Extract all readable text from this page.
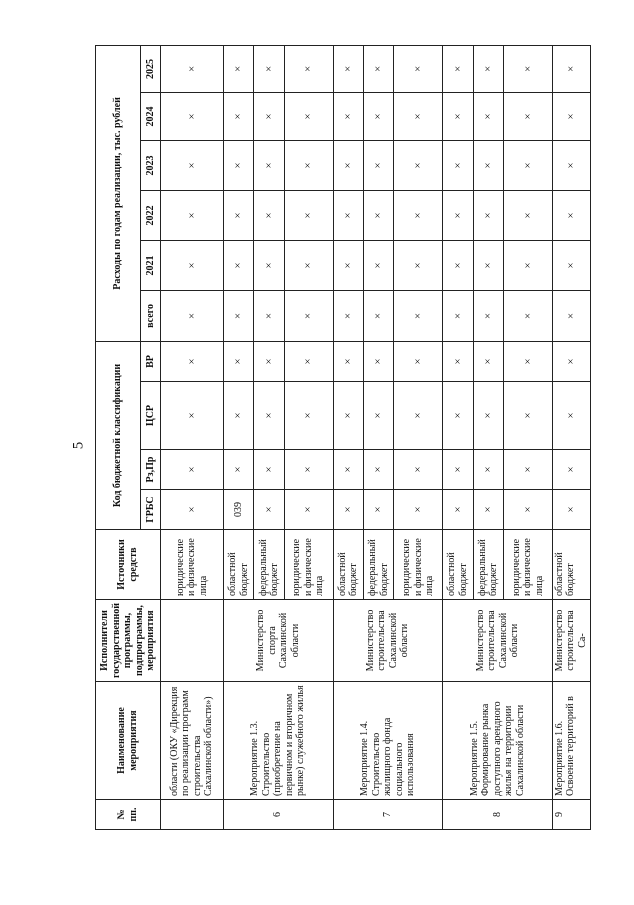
5
№ пп.	Наименование мероприятия	Исполнители государственной программы, подпрограммы, мероприятия	Источники средств	Код бюджетной классификации				Расходы по годам реализации, тыс. рублей					
				ГРБС	Рз,Пр	ЦСР	ВР	всего	2021	2022	2023	2024	2025
	области (ОКУ «Дирекция по реализации программ строительства Сахалинской области»)		юридические и физические лица	×	×	×	×	×	×	×	×	×	×
6	Мероприятие 1.3. Строительство (приобретение на первичном и вторичном рынке) служебного жилья	Министерство спорта Сахалинской области	областной бюджет	039	×	×	×	×	×	×	×	×	×
			федеральный бюджет	×	×	×	×	×	×	×	×	×	×
			юридические и физические лица	×	×	×	×	×	×	×	×	×	×
7	Мероприятие 1.4. Строительство жилищного фонда социального использования	Министерство строительства Сахалинской области	областной бюджет	×	×	×	×	×	×	×	×	×	×
			федеральный бюджет	×	×	×	×	×	×	×	×	×	×
			юридические и физические лица	×	×	×	×	×	×	×	×	×	×
8	Мероприятие 1.5. Формирование рынка доступного арендного жилья на территории Сахалинской области	Министерство строительства Сахалинской области	областной бюджет	×	×	×	×	×	×	×	×	×	×
			федеральный бюджет	×	×	×	×	×	×	×	×	×	×
			юридические и физические лица	×	×	×	×	×	×	×	×	×	×
9	Мероприятие 1.6. Освоение территорий в	Министерство строительства Са-	областной бюджет	×	×	×	×	×	×	×	×	×	×
